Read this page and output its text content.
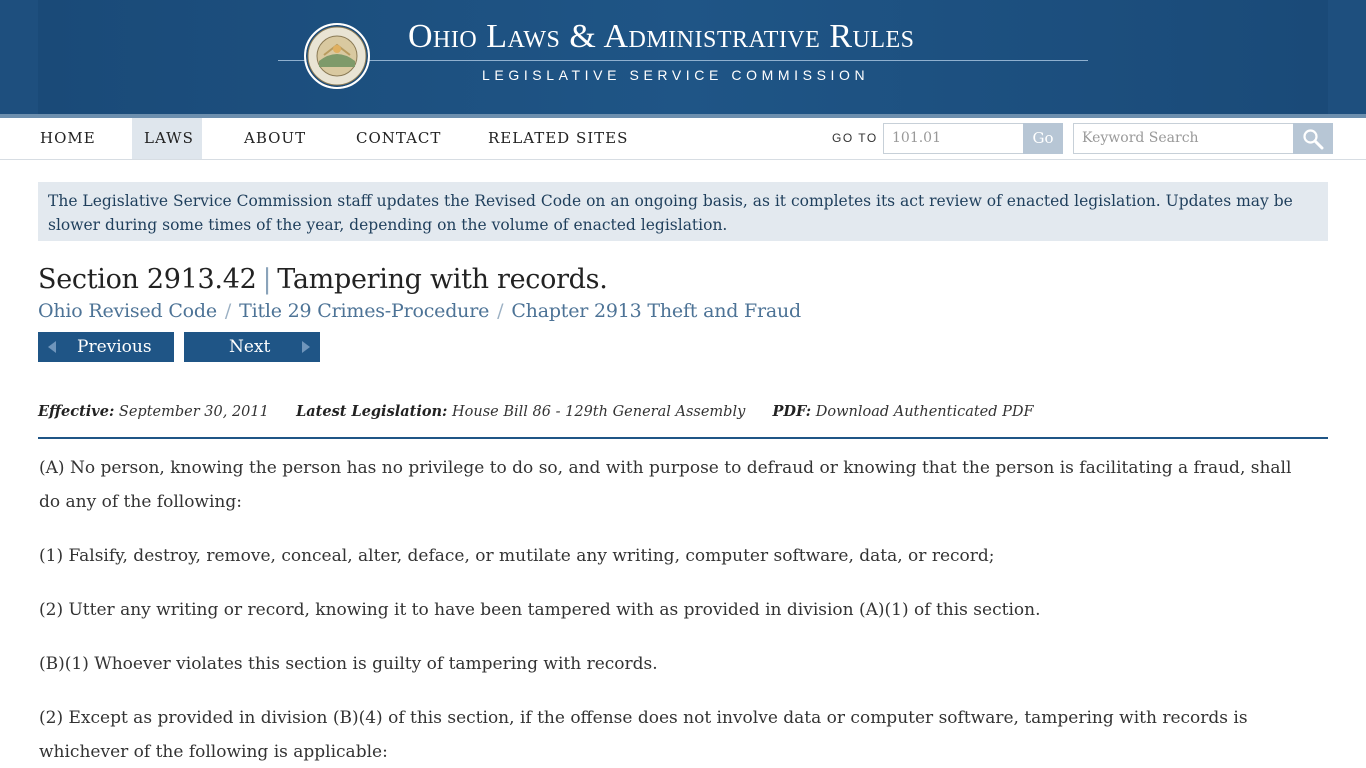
Ohio Laws & Administrative Rules
LEGISLATIVE SERVICE COMMISSION
HOME	LAWS	ABOUT	CONTACT	RELATED SITES	GO TO	101.01	Go	Keyword Search
The Legislative Service Commission staff updates the Revised Code on an ongoing basis, as it completes its act review of enacted legislation. Updates may be slower during some times of the year, depending on the volume of enacted legislation.
Section 2913.42 | Tampering with records.
Ohio Revised Code / Title 29 Crimes-Procedure / Chapter 2913 Theft and Fraud
Previous	Next
Effective: September 30, 2011 Latest Legislation: House Bill 86 - 129th General Assembly PDF: Download Authenticated PDF

(A) No person, knowing the person has no privilege to do so, and with purpose to defraud or knowing that the person is facilitating a fraud, shall do any of the following:

(1) Falsify, destroy, remove, conceal, alter, deface, or mutilate any writing, computer software, data, or record;

(2) Utter any writing or record, knowing it to have been tampered with as provided in division (A)(1) of this section.

(B)(1) Whoever violates this section is guilty of tampering with records.

(2) Except as provided in division (B)(4) of this section, if the offense does not involve data or computer software, tampering with records is whichever of the following is applicable:
